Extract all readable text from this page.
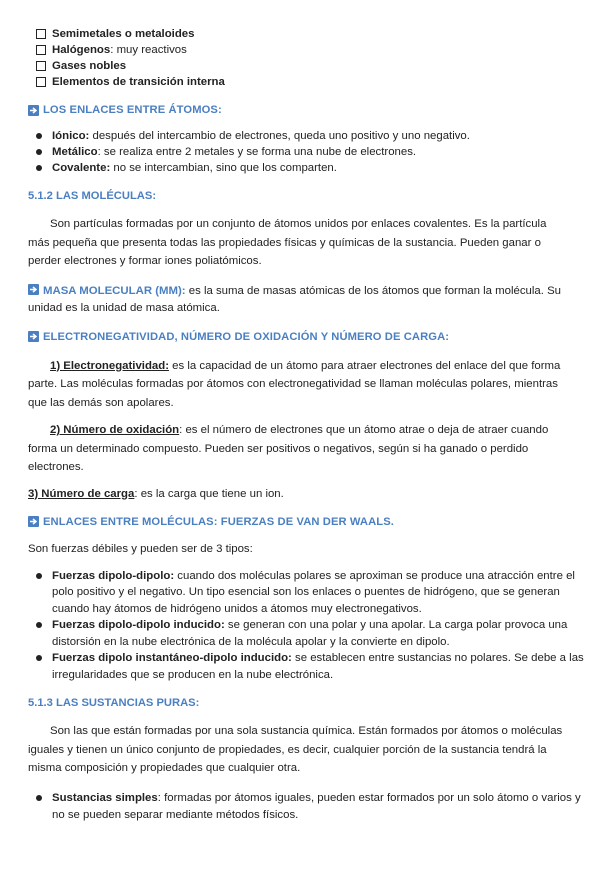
Semimetales o metaloides
Halógenos: muy reactivos
Gases nobles
Elementos de transición interna
LOS ENLACES ENTRE ÁTOMOS:
Iónico: después del intercambio de electrones, queda uno positivo y uno negativo.
Metálico: se realiza entre 2 metales y se forma una nube de electrones.
Covalente: no se intercambian, sino que los comparten.
5.1.2 LAS MOLÉCULAS:

Son partículas formadas por un conjunto de átomos unidos por enlaces covalentes. Es la partícula más pequeña que presenta todas las propiedades físicas y químicas de la sustancia. Pueden ganar o perder electrones y formar iones poliatómicos.

MASA MOLECULAR (MM): es la suma de masas atómicas de los átomos que forman la molécula. Su unidad es la unidad de masa atómica.

ELECTRONEGATIVIDAD, NÚMERO DE OXIDACIÓN Y NÚMERO DE CARGA:

1) Electronegatividad: es la capacidad de un átomo para atraer electrones del enlace del que forma parte. Las moléculas formadas por átomos con electronegatividad se llaman moléculas polares, mientras que las demás son apolares.

2) Número de oxidación: es el número de electrones que un átomo atrae o deja de atraer cuando forma un determinado compuesto. Pueden ser positivos o negativos, según si ha ganado o perdido electrones.

3) Número de carga: es la carga que tiene un ion.

ENLACES ENTRE MOLÉCULAS: FUERZAS DE VAN DER WAALS.

Son fuerzas débiles y pueden ser de 3 tipos:

Fuerzas dipolo-dipolo: cuando dos moléculas polares se aproximan se produce una atracción entre el polo positivo y el negativo. Un tipo esencial son los enlaces o puentes de hidrógeno, que se generan cuando hay átomos de hidrógeno unidos a átomos muy electronegativos.
Fuerzas dipolo-dipolo inducido: se generan con una polar y una apolar. La carga polar provoca una distorsión en la nube electrónica de la molécula apolar y la convierte en dipolo.
Fuerzas dipolo instantáneo-dipolo inducido: se establecen entre sustancias no polares. Se debe a las irregularidades que se producen en la nube electrónica.
5.1.3 LAS SUSTANCIAS PURAS:

Son las que están formadas por una sola sustancia química. Están formados por átomos o moléculas iguales y tienen un único conjunto de propiedades, es decir, cualquier porción de la sustancia tendrá la misma composición y propiedades que cualquier otra.

Sustancias simples: formadas por átomos iguales, pueden estar formados por un solo átomo o varios y no se pueden separar mediante métodos físicos.
